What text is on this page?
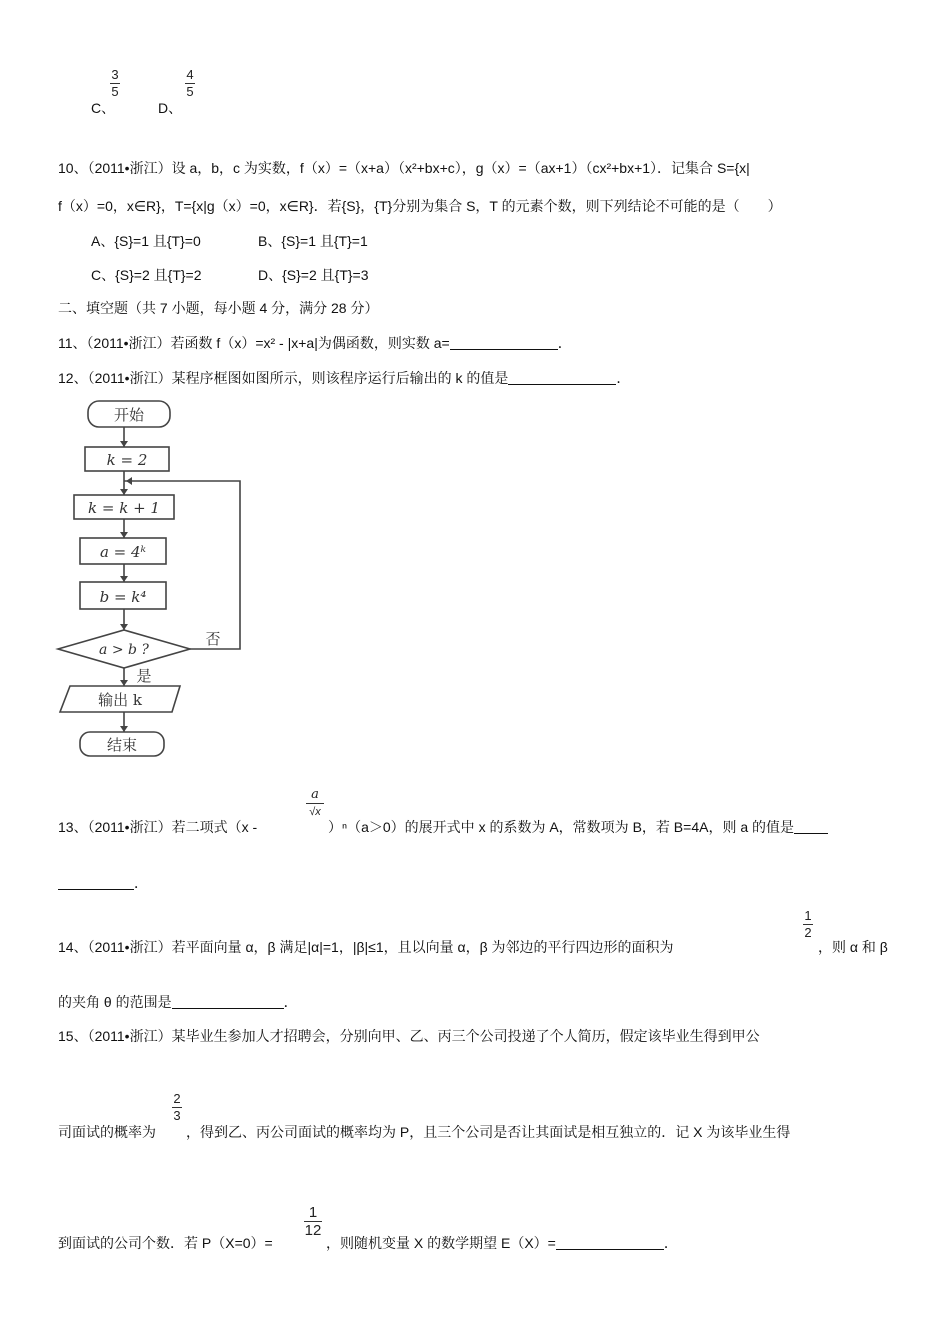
C、
3
5
D、
4
5
10、（2011•浙江）设 a，b，c 为实数，f（x）=（x+a）（x²+bx+c），g（x）=（ax+1）（cx²+bx+1）．记集合 S={x|
f（x）=0，x∈R}，T={x|g（x）=0，x∈R}．若{S}，{T}分别为集合 S，T 的元素个数，则下列结论不可能的是（　　）
A、{S}=1 且{T}=0	B、{S}=1 且{T}=1
C、{S}=2 且{T}=2	D、{S}=2 且{T}=3
二、填空题（共 7 小题，每小题 4 分，满分 28 分）
11、（2011•浙江）若函数 f（x）=x² - |x+a|为偶函数，则实数 a=	．
12、（2011•浙江）某程序框图如图所示，则该程序运行后输出的 k 的值是	．
开始
k = 2
k = k + 1
a = 4ᵏ
b = k⁴
a > b ?
否
是
输出 k
结束
13、（2011•浙江）若二项式（x -
a
√x
）ⁿ（a＞0）的展开式中 x 的系数为 A，常数项为 B，若 B=4A，则 a 的值是
．
14、（2011•浙江）若平面向量 α，β 满足|α|=1，|β|≤1，且以向量 α，β 为邻边的平行四边形的面积为
1
2
，则 α 和 β
的夹角 θ 的范围是	．
15、（2011•浙江）某毕业生参加人才招聘会，分别向甲、乙、丙三个公司投递了个人简历，假定该毕业生得到甲公
司面试的概率为
2
3
，得到乙、丙公司面试的概率均为 P，且三个公司是否让其面试是相互独立的．记 X 为该毕业生得
到面试的公司个数．若 P（X=0）=
1
12
，则随机变量 X 的数学期望 E（X）=	．
